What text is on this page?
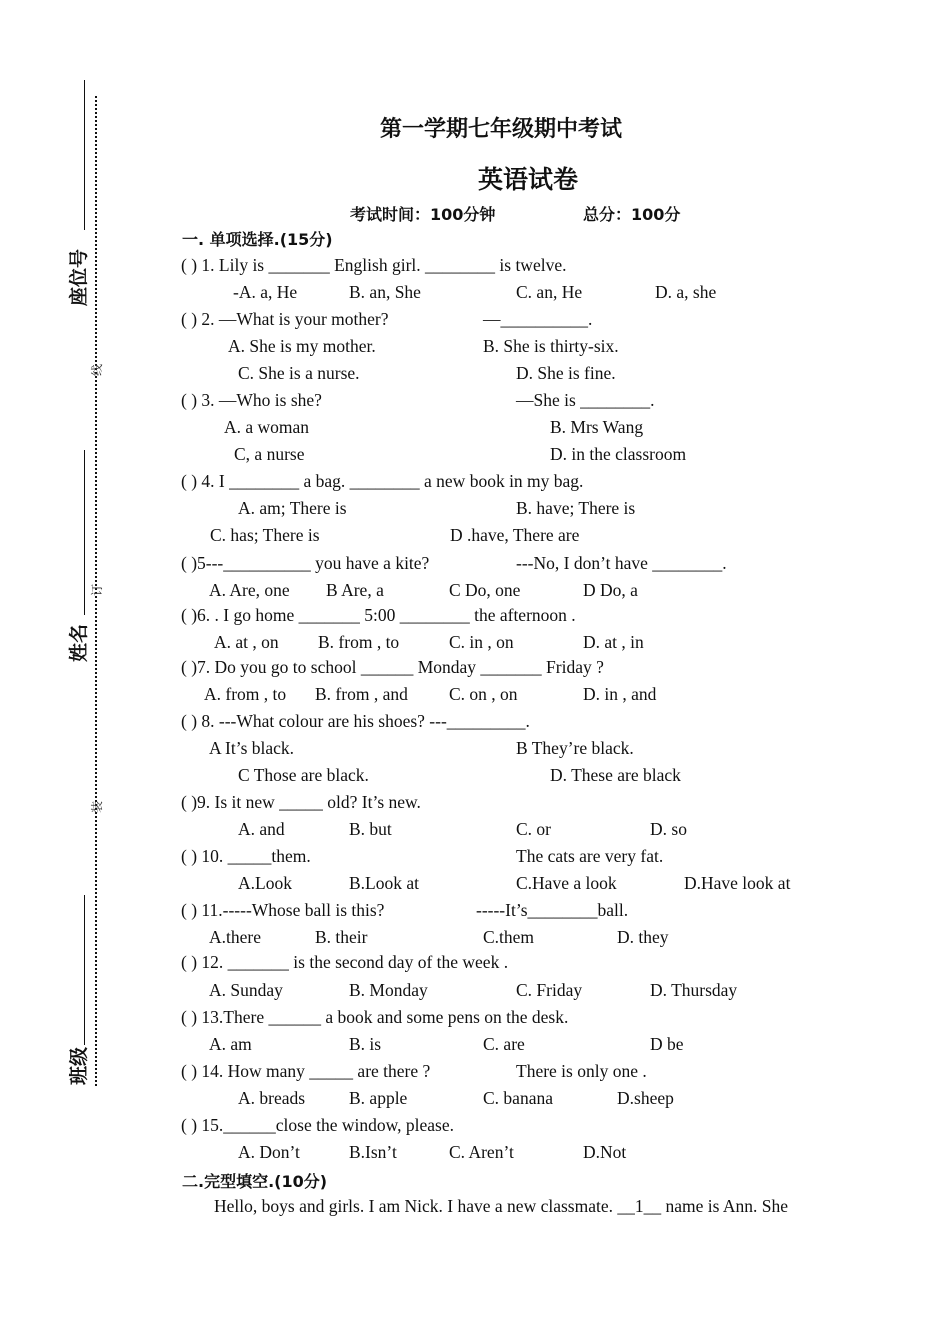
座位号
姓名
班级
线
订
装
第一学期七年级期中考试
英语试卷
考试时间：100分钟	总分：100分
一. 单项选择.(15分)
( ) 1. Lily is _______ English girl. ________ is twelve.
-A. a, He	B. an, She	C. an, He	D. a, she
( ) 2. —What is your mother?	—__________.
A. She is my mother.	B. She is thirty-six.
C. She is a nurse.	D. She is fine.
( ) 3. —Who is she?	—She is ________.
A. a woman	B. Mrs Wang
C, a nurse	D. in the classroom
( ) 4. I ________ a bag. ________ a new book in my bag.
A. am; There is	B. have; There is
C. has; There is	D .have, There are
( )5---__________ you have a kite?	---No, I don’t have ________.
A. Are, one B Are, a	C Do, one	D Do, a
( )6. . I go home _______ 5:00 ________ the afternoon .
A. at , on B. from , to	C. in , on	D. at , in
( )7. Do you go to school ______ Monday _______ Friday ?
A. from , to B. from , and C. on , on	D. in , and
( ) 8. ---What colour are his shoes? ---_________.
A It’s black.	B They’re black.
C Those are black.	D. These are black
( )9. Is it new _____ old? It’s new.
A. and	B. but	C. or	D. so
( ) 10. _____them.	The cats are very fat.
A.Look	B.Look at	C.Have a look	D.Have look at
( ) 11.-----Whose ball is this?	-----It’s________ball.
A.there	B. their	C.them	D. they
( ) 12. _______ is the second day of the week .
A. Sunday	B. Monday	C. Friday	D. Thursday
( ) 13.There ______ a book and some pens on the desk.
A. am	B. is	C. are	D be
( ) 14. How many _____ are there ?	There is only one .
A. breads	B. apple	C. banana	D.sheep
( ) 15.______close the window, please.
A. Don’t	B.Isn’t	C. Aren’t	D.Not
二.完型填空.(10分)
Hello, boys and girls. I am Nick. I have a new classmate. __1__ name is Ann. She
